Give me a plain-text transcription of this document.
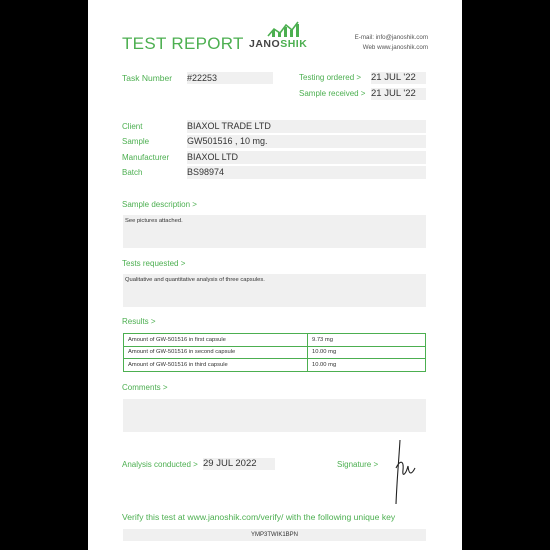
TEST REPORT JANOSHIK
E-mail: info@janoshik.com
Web www.janoshik.com
Task Number #22253	Testing ordered > 21 JUL '22
Sample received > 21 JUL '22
Client	BIAXOL TRADE LTD
Sample	GW501516 , 10 mg.
Manufacturer BIAXOL LTD
Batch	BS98974
Sample description >
See pictures attached.
Tests requested >
Qualitative and quantitative analysis of three capsules.
Results >
Amount of GW-501516 in first capsule	9.73 mg
Amount of GW-501516 in second capsule	10.00 mg
Amount of GW-501516 in third capsule	10.00 mg
Comments >
Analysis conducted > 29 JUL 2022	Signature >
Verify this test at www.janoshik.com/verify/ with the following unique key
YMP3TWIK1BPN
